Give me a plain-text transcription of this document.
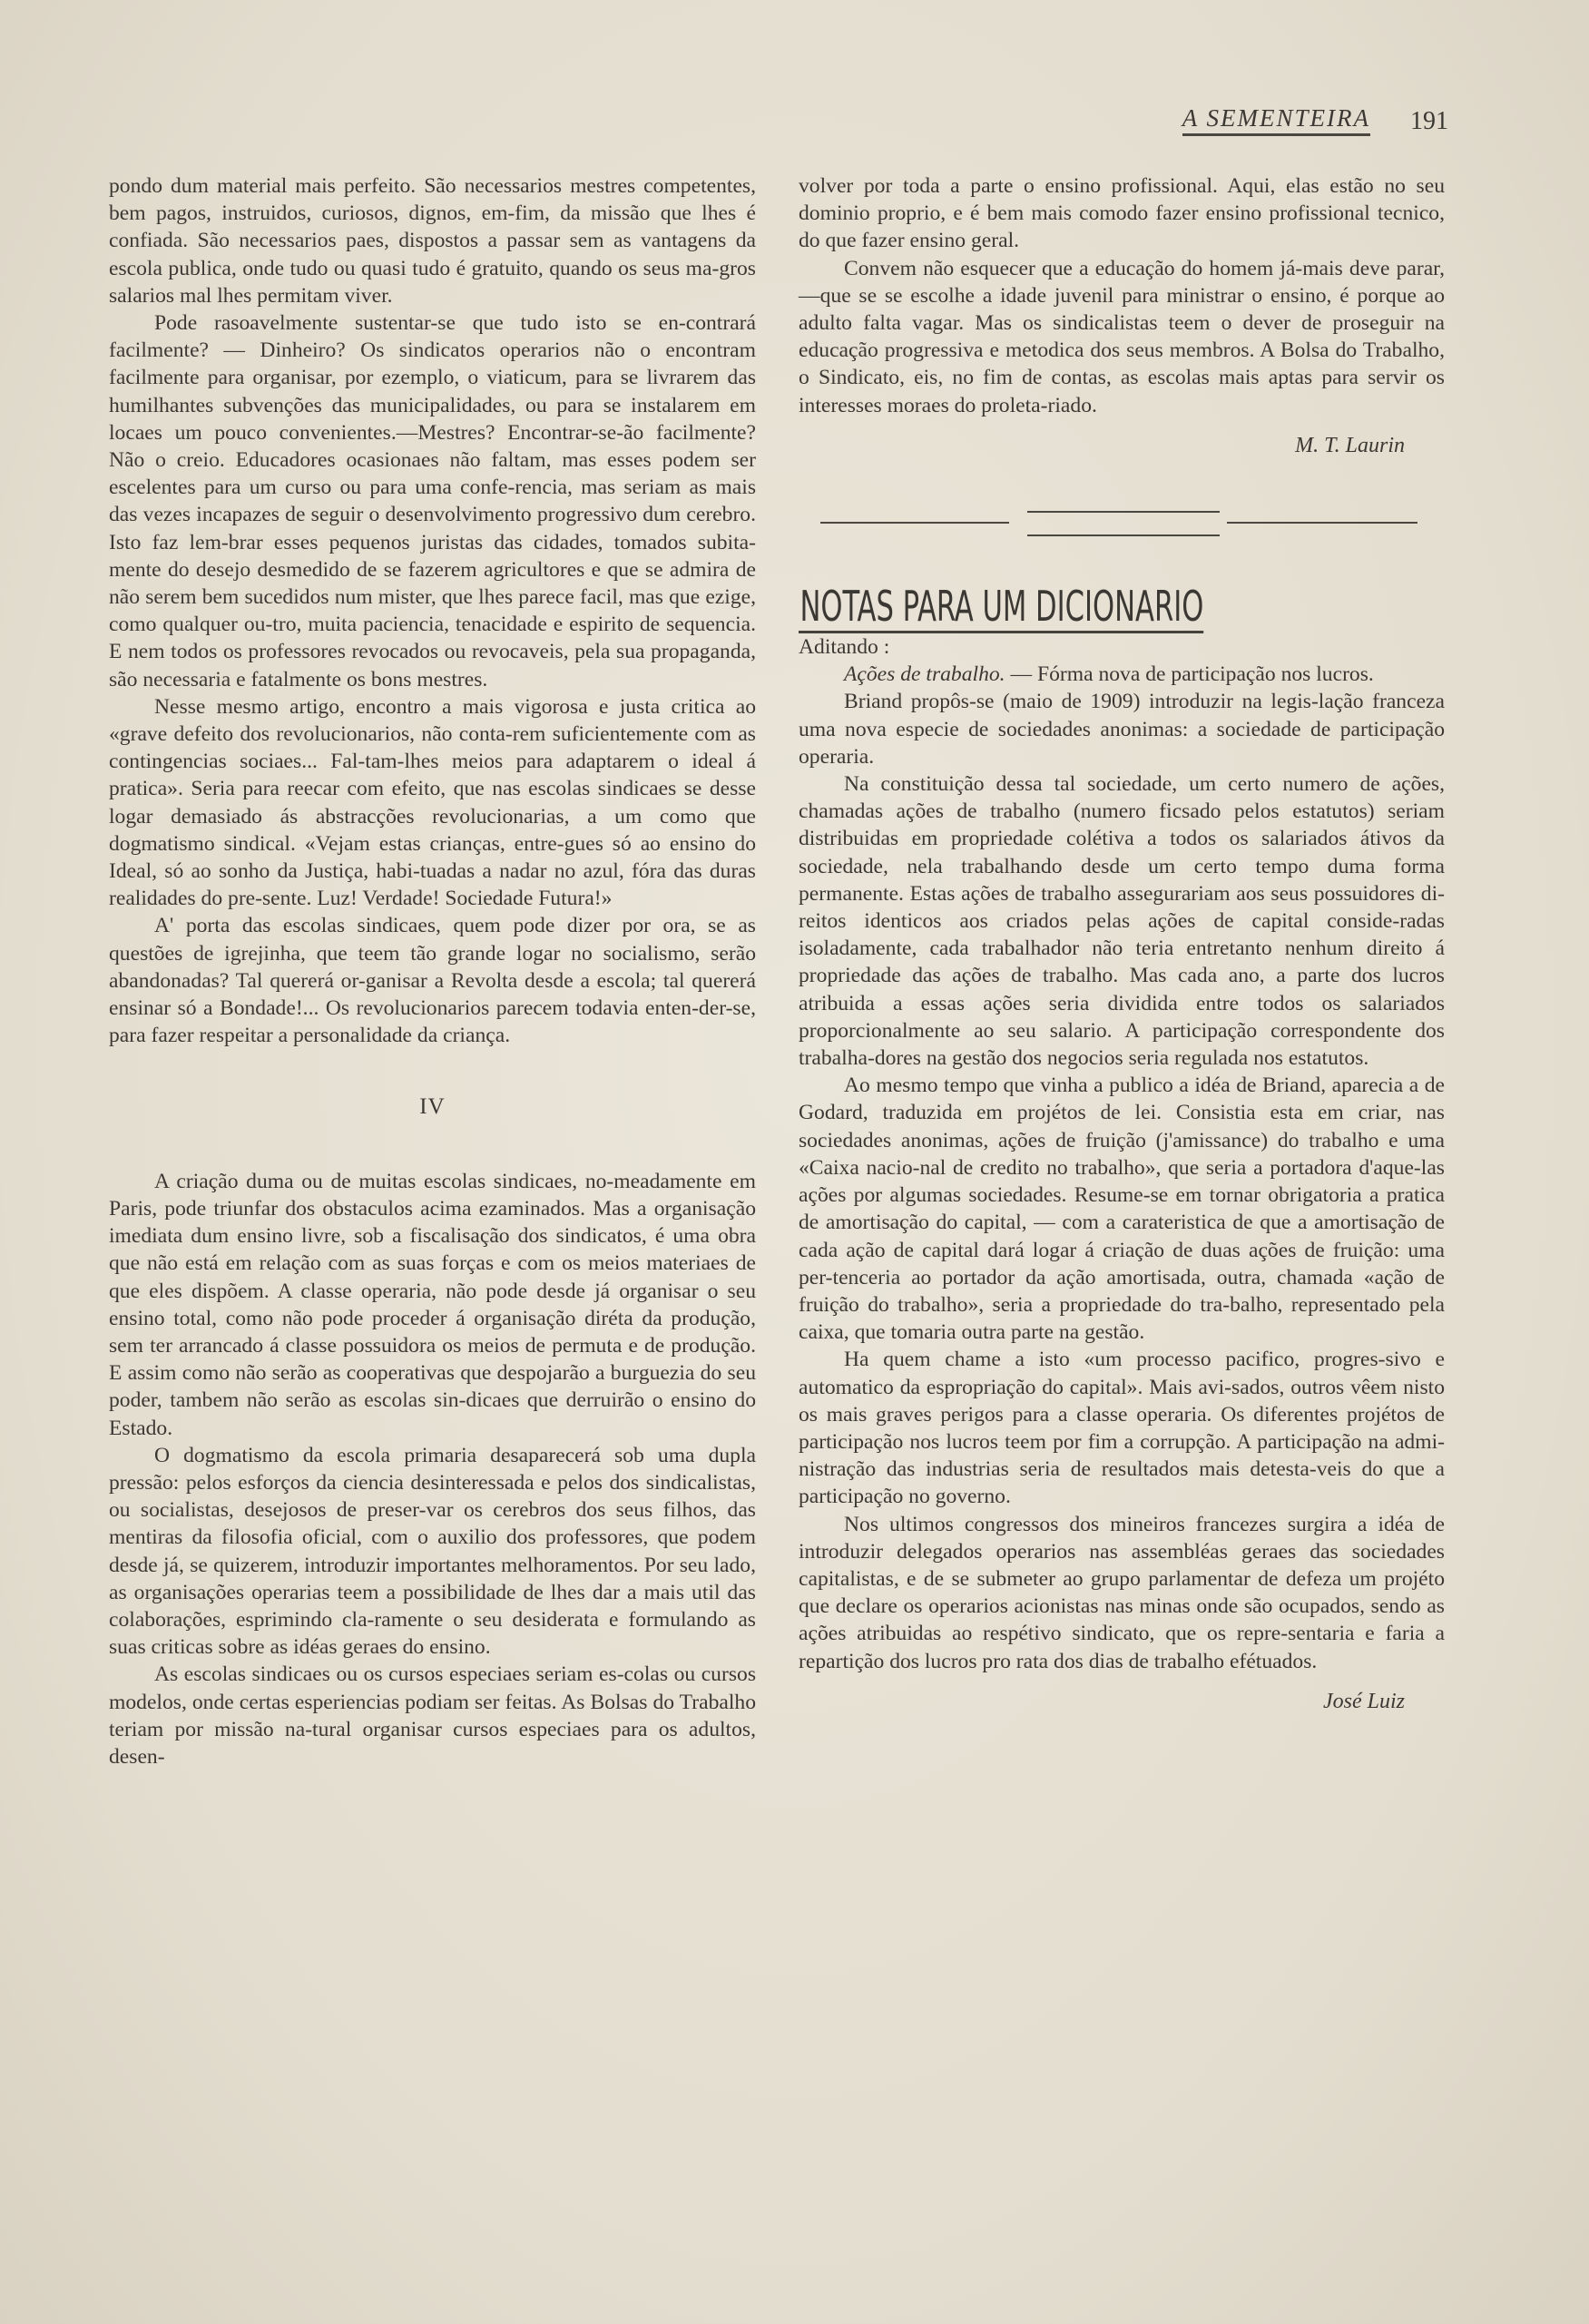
A SEMENTEIRA 191

pondo dum material mais perfeito. São necessarios mestres competentes, bem pagos, instruidos, curiosos, dignos, em-fim, da missão que lhes é confiada. São necessarios paes, dispostos a passar sem as vantagens da escola publica, onde tudo ou quasi tudo é gratuito, quando os seus ma-gros salarios mal lhes permitam viver.

Pode rasoavelmente sustentar-se que tudo isto se en-contrará facilmente? — Dinheiro? Os sindicatos operarios não o encontram facilmente para organisar, por ezemplo, o viaticum, para se livrarem das humilhantes subvenções das municipalidades, ou para se instalarem em locaes um pouco convenientes.—Mestres? Encontrar-se-ão facilmente? Não o creio. Educadores ocasionaes não faltam, mas esses podem ser escelentes para um curso ou para uma confe-rencia, mas seriam as mais das vezes incapazes de seguir o desenvolvimento progressivo dum cerebro. Isto faz lem-brar esses pequenos juristas das cidades, tomados subita-mente do desejo desmedido de se fazerem agricultores e que se admira de não serem bem sucedidos num mister, que lhes parece facil, mas que ezige, como qualquer ou-tro, muita paciencia, tenacidade e espirito de sequencia. E nem todos os professores revocados ou revocaveis, pela sua propaganda, são necessaria e fatalmente os bons mestres.

Nesse mesmo artigo, encontro a mais vigorosa e justa critica ao «grave defeito dos revolucionarios, não conta-rem suficientemente com as contingencias sociaes... Fal-tam-lhes meios para adaptarem o ideal á pratica». Seria para reecar com efeito, que nas escolas sindicaes se desse logar demasiado ás abstracções revolucionarias, a um como que dogmatismo sindical. «Vejam estas crianças, entre-gues só ao ensino do Ideal, só ao sonho da Justiça, habi-tuadas a nadar no azul, fóra das duras realidades do pre-sente. Luz! Verdade! Sociedade Futura!»

A' porta das escolas sindicaes, quem pode dizer por ora, se as questões de igrejinha, que teem tão grande logar no socialismo, serão abandonadas? Tal quererá or-ganisar a Revolta desde a escola; tal quererá ensinar só a Bondade!... Os revolucionarios parecem todavia enten-der-se, para fazer respeitar a personalidade da criança.

IV

A criação duma ou de muitas escolas sindicaes, no-meadamente em Paris, pode triunfar dos obstaculos acima ezaminados. Mas a organisação imediata dum ensino livre, sob a fiscalisação dos sindicatos, é uma obra que não está em relação com as suas forças e com os meios materiaes de que eles dispõem. A classe operaria, não pode desde já organisar o seu ensino total, como não pode proceder á organisação diréta da produção, sem ter arrancado á classe possuidora os meios de permuta e de produção. E assim como não serão as cooperativas que despojarão a burguezia do seu poder, tambem não serão as escolas sin-dicaes que derruirão o ensino do Estado.

O dogmatismo da escola primaria desaparecerá sob uma dupla pressão: pelos esforços da ciencia desinteressada e pelos dos sindicalistas, ou socialistas, desejosos de preser-var os cerebros dos seus filhos, das mentiras da filosofia oficial, com o auxilio dos professores, que podem desde já, se quizerem, introduzir importantes melhoramentos. Por seu lado, as organisações operarias teem a possibilidade de lhes dar a mais util das colaborações, esprimindo cla-ramente o seu desiderata e formulando as suas criticas sobre as idéas geraes do ensino.

As escolas sindicaes ou os cursos especiaes seriam es-colas ou cursos modelos, onde certas esperiencias podiam ser feitas. As Bolsas do Trabalho teriam por missão na-tural organisar cursos especiaes para os adultos, desen-

volver por toda a parte o ensino profissional. Aqui, elas estão no seu dominio proprio, e é bem mais comodo fazer ensino profissional tecnico, do que fazer ensino geral.

Convem não esquecer que a educação do homem já-mais deve parar,—que se se escolhe a idade juvenil para ministrar o ensino, é porque ao adulto falta vagar. Mas os sindicalistas teem o dever de proseguir na educação progressiva e metodica dos seus membros. A Bolsa do Trabalho, o Sindicato, eis, no fim de contas, as escolas mais aptas para servir os interesses moraes do proleta-riado.

M. T. Laurin
NOTAS PARA UM DICIONARIO

Aditando :

Ações de trabalho. — Fórma nova de participação nos lucros.

Briand propôs-se (maio de 1909) introduzir na legis-lação franceza uma nova especie de sociedades anonimas: a sociedade de participação operaria.

Na constituição dessa tal sociedade, um certo numero de ações, chamadas ações de trabalho (numero ficsado pelos estatutos) seriam distribuidas em propriedade colétiva a todos os salariados átivos da sociedade, nela trabalhando desde um certo tempo duma forma permanente. Estas ações de trabalho assegurariam aos seus possuidores di-reitos identicos aos criados pelas ações de capital conside-radas isoladamente, cada trabalhador não teria entretanto nenhum direito á propriedade das ações de trabalho. Mas cada ano, a parte dos lucros atribuida a essas ações seria dividida entre todos os salariados proporcionalmente ao seu salario. A participação correspondente dos trabalha-dores na gestão dos negocios seria regulada nos estatutos.

Ao mesmo tempo que vinha a publico a idéa de Briand, aparecia a de Godard, traduzida em projétos de lei. Consistia esta em criar, nas sociedades anonimas, ações de fruição (j'amissance) do trabalho e uma «Caixa nacio-nal de credito no trabalho», que seria a portadora d'aque-las ações por algumas sociedades. Resume-se em tornar obrigatoria a pratica de amortisação do capital, — com a carateristica de que a amortisação de cada ação de capital dará logar á criação de duas ações de fruição: uma per-tenceria ao portador da ação amortisada, outra, chamada «ação de fruição do trabalho», seria a propriedade do tra-balho, representado pela caixa, que tomaria outra parte na gestão.

Ha quem chame a isto «um processo pacifico, progres-sivo e automatico da espropriação do capital». Mais avi-sados, outros vêem nisto os mais graves perigos para a classe operaria. Os diferentes projétos de participação nos lucros teem por fim a corrupção. A participação na admi-nistração das industrias seria de resultados mais detesta-veis do que a participação no governo.

Nos ultimos congressos dos mineiros francezes surgira a idéa de introduzir delegados operarios nas assembléas geraes das sociedades capitalistas, e de se submeter ao grupo parlamentar de defeza um projéto que declare os operarios acionistas nas minas onde são ocupados, sendo as ações atribuidas ao respétivo sindicato, que os repre-sentaria e faria a repartição dos lucros pro rata dos dias de trabalho efétuados.

José Luiz
